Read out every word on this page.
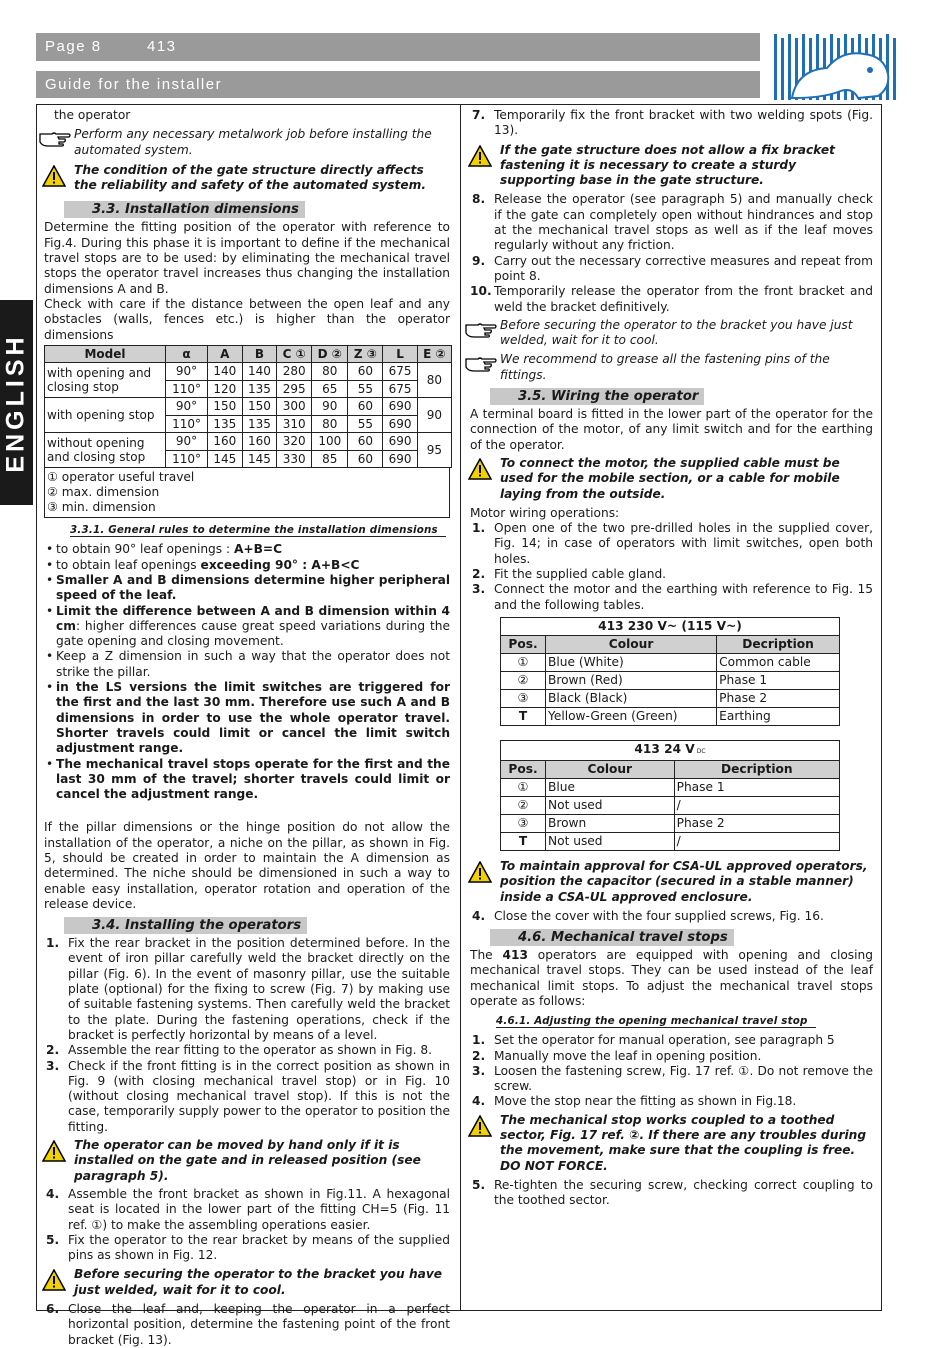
Page 8	413
Guide for the installer
ENGLISH

the operator

Perform any necessary metalwork job before installing the automated system.

The condition of the gate structure directly affects the reliability and safety of the automated system.

3.3. Installation dimensions

Determine the fitting position of the operator with reference to Fig.4. During this phase it is important to define if the mechanical travel stops are to be used: by eliminating the mechanical travel stops the operator travel increases thus changing the installation dimensions A and B.

Check with care if the distance between the open leaf and any obstacles (walls, fences etc.) is higher than the operator dimensions

Model	α	A	B	C ①	D ②	Z ③	L	E ②
with opening and closing stop	90°	140	140	280	80	60	675	80
	110°	120	135	295	65	55	675	
with opening stop	90°	150	150	300	90	60	690	90
	110°	135	135	310	80	55	690	
without opening and closing stop	90°	160	160	320	100	60	690	95
	110°	145	145	330	85	60	690	
① operator useful travel
② max. dimension
③ min. dimension
3.3.1. General rules to determine the installation dimensions
• to obtain 90° leaf openings : A+B=C
• to obtain leaf openings exceeding 90° : A+B<C
• Smaller A and B dimensions determine higher peripheral speed of the leaf.
• Limit the difference between A and B dimension within 4 cm: higher differences cause great speed variations during the gate opening and closing movement.
• Keep a Z dimension in such a way that the operator does not strike the pillar.
• in the LS versions the limit switches are triggered for the first and the last 30 mm. Therefore use such A and B dimensions in order to use the whole operator travel. Shorter travels could limit or cancel the limit switch adjustment range.
• The mechanical travel stops operate for the first and the last 30 mm of the travel; shorter travels could limit or cancel the adjustment range.

If the pillar dimensions or the hinge position do not allow the installation of the operator, a niche on the pillar, as shown in Fig. 5, should be created in order to maintain the A dimension as determined. The niche should be dimensioned in such a way to enable easy installation, operator rotation and operation of the release device.

3.4. Installing the operators
1. Fix the rear bracket in the position determined before. In the event of iron pillar carefully weld the bracket directly on the pillar (Fig. 6). In the event of masonry pillar, use the suitable plate (optional) for the fixing to screw (Fig. 7) by making use of suitable fastening systems. Then carefully weld the bracket to the plate. During the fastening operations, check if the bracket is perfectly horizontal by means of a level.
2. Assemble the rear fitting to the operator as shown in Fig. 8.
3. Check if the front fitting is in the correct position as shown in Fig. 9 (with closing mechanical travel stop) or in Fig. 10 (without closing mechanical travel stop). If this is not the case, temporarily supply power to the operator to position the fitting.

The operator can be moved by hand only if it is installed on the gate and in released position (see paragraph 5).

4. Assemble the front bracket as shown in Fig.11. A hexagonal seat is located in the lower part of the fitting CH=5 (Fig. 11 ref. ①) to make the assembling operations easier.
5. Fix the operator to the rear bracket by means of the supplied pins as shown in Fig. 12.

Before securing the operator to the bracket you have just welded, wait for it to cool.

6. Close the leaf and, keeping the operator in a perfect horizontal position, determine the fastening point of the front bracket (Fig. 13).
7. Temporarily fix the front bracket with two welding spots (Fig. 13).

If the gate structure does not allow a fix bracket fastening it is necessary to create a sturdy supporting base in the gate structure.

8. Release the operator (see paragraph 5) and manually check if the gate can completely open without hindrances and stop at the mechanical travel stops as well as if the leaf moves regularly without any friction.
9. Carry out the necessary corrective measures and repeat from point 8.
10. Temporarily release the operator from the front bracket and weld the bracket definitively.

Before securing the operator to the bracket you have just welded, wait for it to cool.

We recommend to grease all the fastening pins of the fittings.

3.5. Wiring the operator

A terminal board is fitted in the lower part of the operator for the connection of the motor, of any limit switch and for the earthing of the operator.

To connect the motor, the supplied cable must be used for the mobile section, or a cable for mobile laying from the outside.

Motor wiring operations:

1. Open one of the two pre-drilled holes in the supplied cover, Fig. 14; in case of operators with limit switches, open both holes.
2. Fit the supplied cable gland.
3. Connect the motor and the earthing with reference to Fig. 15 and the following tables.
413 230 V~ (115 V~)		
Pos.	Colour	Decription
①	Blue (White)	Common cable
②	Brown (Red)	Phase 1
③	Black (Black)	Phase 2
T	Yellow-Green (Green)	Earthing
413 24 V DC		
Pos.	Colour	Decription
①	Blue	Phase 1
②	Not used	/
③	Brown	Phase 2
T	Not used	/

To maintain approval for CSA-UL approved operators, position the capacitor (secured in a stable manner) inside a CSA-UL approved enclosure.

4. Close the cover with the four supplied screws, Fig. 16.
4.6. Mechanical travel stops

The 413 operators are equipped with opening and closing mechanical travel stops. They can be used instead of the leaf mechanical limit stops. To adjust the mechanical travel stops operate as follows:

4.6.1. Adjusting the opening mechanical travel stop
1. Set the operator for manual operation, see paragraph 5
2. Manually move the leaf in opening position.
3. Loosen the fastening screw, Fig. 17 ref. ①. Do not remove the screw.
4. Move the stop near the fitting as shown in Fig.18.

The mechanical stop works coupled to a toothed sector, Fig. 17 ref. ②. If there are any troubles during the movement, make sure that the coupling is free. DO NOT FORCE.

5. Re-tighten the securing screw, checking correct coupling to the toothed sector.
